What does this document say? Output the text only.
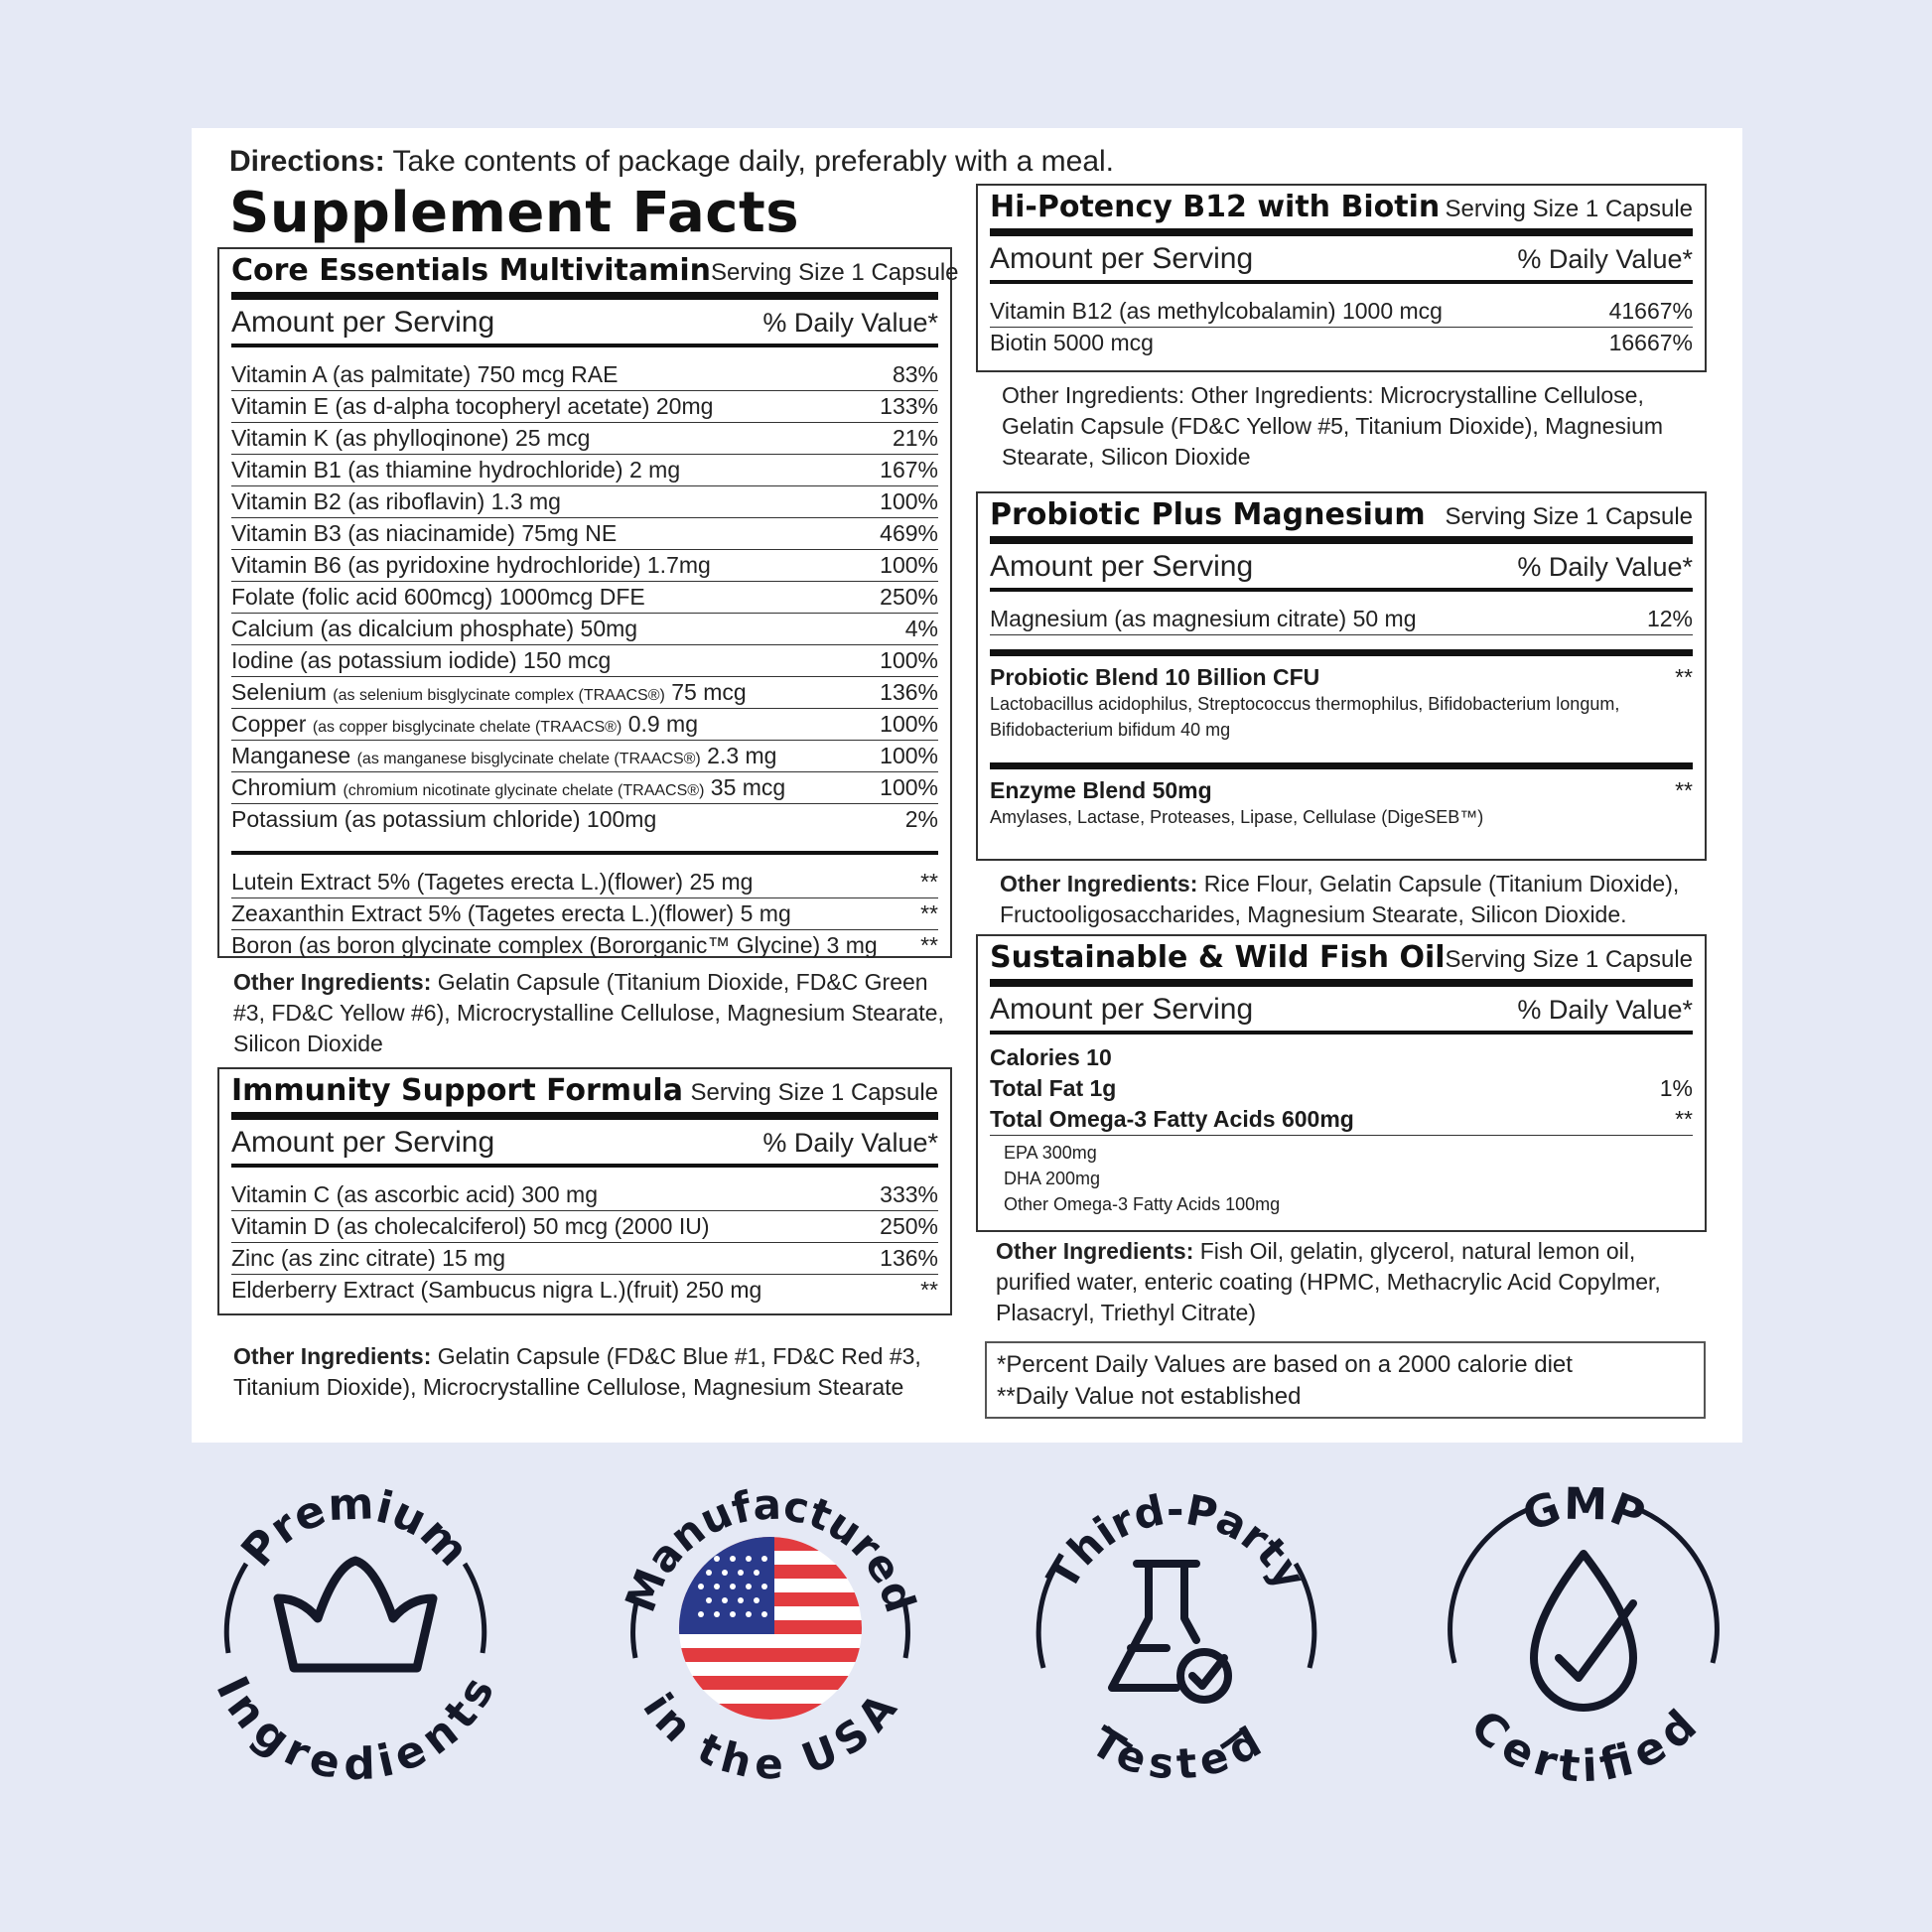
Directions: Take contents of package daily, preferably with a meal.
Supplement Facts
Core Essentials Multivitamin Serving Size 1 Capsule
Amount per Serving	% Daily Value*
Vitamin A (as palmitate) 750 mcg RAE	83%
Vitamin E (as d-alpha tocopheryl acetate) 20mg	133%
Vitamin K (as phylloqinone) 25 mcg	21%
Vitamin B1 (as thiamine hydrochloride) 2 mg	167%
Vitamin B2 (as riboflavin) 1.3 mg	100%
Vitamin B3 (as niacinamide) 75mg NE	469%
Vitamin B6 (as pyridoxine hydrochloride) 1.7mg	100%
Folate (folic acid 600mcg) 1000mcg DFE	250%
Calcium (as dicalcium phosphate) 50mg	4%
Iodine (as potassium iodide) 150 mcg	100%
Selenium (as selenium bisglycinate complex (TRAACS®) 75 mcg	136%
Copper (as copper bisglycinate chelate (TRAACS®) 0.9 mg	100%
Manganese (as manganese bisglycinate chelate (TRAACS®) 2.3 mg	100%
Chromium (chromium nicotinate glycinate chelate (TRAACS®) 35 mcg	100%
Potassium (as potassium chloride) 100mg	2%
Lutein Extract 5% (Tagetes erecta L.)(flower) 25 mg	**
Zeaxanthin Extract 5% (Tagetes erecta L.)(flower) 5 mg	**
Boron (as boron glycinate complex (Bororganic™ Glycine) 3 mg **
Other Ingredients: Gelatin Capsule (Titanium Dioxide, FD&C Green #3, FD&C Yellow #6), Microcrystalline Cellulose, Magnesium Stearate, Silicon Dioxide
Immunity Support Formula Serving Size 1 Capsule
Amount per Serving	% Daily Value*
Vitamin C (as ascorbic acid) 300 mg	333%
Vitamin D (as cholecalciferol) 50 mcg (2000 IU)	250%
Zinc (as zinc citrate) 15 mg	136%
Elderberry Extract (Sambucus nigra L.)(fruit) 250 mg	**
Other Ingredients: Gelatin Capsule (FD&C Blue #1, FD&C Red #3, Titanium Dioxide), Microcrystalline Cellulose, Magnesium Stearate
Hi-Potency B12 with Biotin Serving Size 1 Capsule
Amount per Serving	% Daily Value*
Vitamin B12 (as methylcobalamin) 1000 mcg	41667%
Biotin 5000 mcg	16667%
Other Ingredients: Other Ingredients: Microcrystalline Cellulose, Gelatin Capsule (FD&C Yellow #5, Titanium Dioxide), Magnesium Stearate, Silicon Dioxide
Probiotic Plus Magnesium Serving Size 1 Capsule
Amount per Serving	% Daily Value*
Magnesium (as magnesium citrate) 50 mg	12%
Probiotic Blend 10 Billion CFU	**
Lactobacillus acidophilus, Streptococcus thermophilus, Bifidobacterium longum, Bifidobacterium bifidum 40 mg
Enzyme Blend 50mg	**
Amylases, Lactase, Proteases, Lipase, Cellulase (DigeSEB™)
Other Ingredients: Rice Flour, Gelatin Capsule (Titanium Dioxide), Fructooligosaccharides, Magnesium Stearate, Silicon Dioxide.
Sustainable & Wild Fish Oil Serving Size 1 Capsule
Amount per Serving	% Daily Value*
Calories 10
Total Fat 1g	1%
Total Omega-3 Fatty Acids 600mg	**
EPA 300mg
DHA 200mg
Other Omega-3 Fatty Acids 100mg
Other Ingredients: Fish Oil, gelatin, glycerol, natural lemon oil, purified water, enteric coating (HPMC, Methacrylic Acid Copylmer, Plasacryl, Triethyl Citrate)
*Percent Daily Values are based on a 2000 calorie diet
**Daily Value not established
Premium
Ingredients
Manufactured
in the USA
Third-Party
Tested
GMP
Certified
